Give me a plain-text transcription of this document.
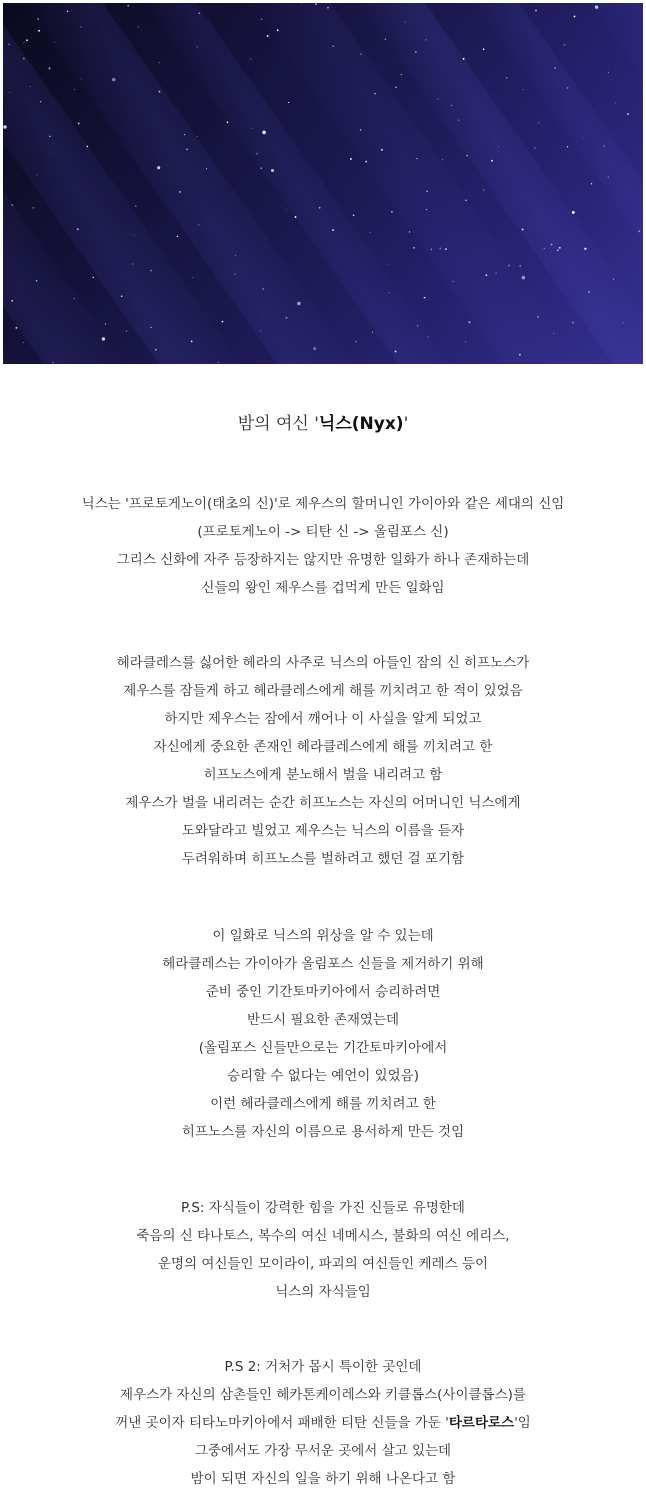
밤의 여신 '닉스(Nyx)'
닉스는 '프로토게노이(태초의 신)'로 제우스의 할머니인 가이아와 같은 세대의 신임
(프로토게노이 -> 티탄 신 -> 올림포스 신)
그리스 신화에 자주 등장하지는 않지만 유명한 일화가 하나 존재하는데
신들의 왕인 제우스를 겁먹게 만든 일화임
헤라클레스를 싫어한 헤라의 사주로 닉스의 아들인 잠의 신 히프노스가
제우스를 잠들게 하고 헤라클레스에게 해를 끼치려고 한 적이 있었음
하지만 제우스는 잠에서 깨어나 이 사실을 알게 되었고
자신에게 중요한 존재인 헤라클레스에게 해를 끼치려고 한
히프노스에게 분노해서 벌을 내리려고 함
제우스가 벌을 내리려는 순간 히프노스는 자신의 어머니인 닉스에게
도와달라고 빌었고 제우스는 닉스의 이름을 듣자
두려워하며 히프노스를 벌하려고 했던 걸 포기함
이 일화로 닉스의 위상을 알 수 있는데
헤라클레스는 가이아가 올림포스 신들을 제거하기 위해
준비 중인 기간토마키아에서 승리하려면
반드시 필요한 존재였는데
(올림포스 신들만으로는 기간토마키아에서
승리할 수 없다는 예언이 있었음)
이런 헤라클레스에게 해를 끼치려고 한
히프노스를 자신의 이름으로 용서하게 만든 것임
P.S: 자식들이 강력한 힘을 가진 신들로 유명한데
죽음의 신 타나토스, 복수의 여신 네메시스, 불화의 여신 에리스,
운명의 여신들인 모이라이, 파괴의 여신들인 케레스 등이
닉스의 자식들임
P.S 2: 거처가 몹시 특이한 곳인데
제우스가 자신의 삼촌들인 헤카톤케이레스와 키클롭스(사이클롭스)를
꺼낸 곳이자 티타노마키아에서 패배한 티탄 신들을 가둔 '타르타로스'임
그중에서도 가장 무서운 곳에서 살고 있는데
밤이 되면 자신의 일을 하기 위해 나온다고 함
